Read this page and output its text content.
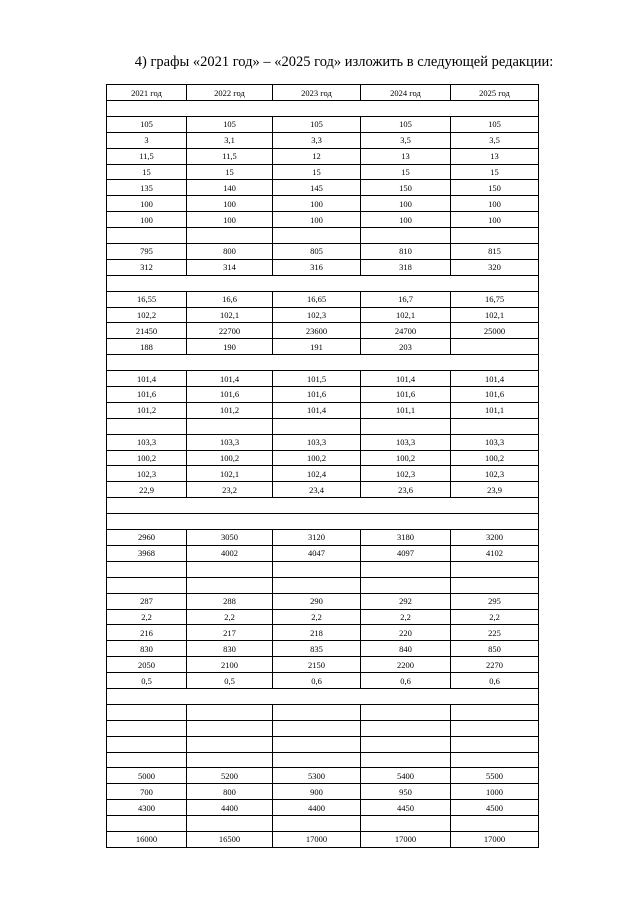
4) графы «2021 год» – «2025 год» изложить в следующей редакции:
2021 год	2022 год	2023 год	2024 год	2025 год

105	105	105	105	105
3	3,1	3,3	3,5	3,5
11,5	11,5	12	13	13
15	15	15	15	15
135	140	145	150	150
100	100	100	100	100
100	100	100	100	100

795	800	805	810	815
312	314	316	318	320

16,55	16,6	16,65	16,7	16,75
102,2	102,1	102,3	102,1	102,1
21450	22700	23600	24700	25000
188	190	191	203	

101,4	101,4	101,5	101,4	101,4
101,6	101,6	101,6	101,6	101,6
101,2	101,2	101,4	101,1	101,1

103,3	103,3	103,3	103,3	103,3
100,2	100,2	100,2	100,2	100,2
102,3	102,1	102,4	102,3	102,3
22,9	23,2	23,4	23,6	23,9

2960	3050	3120	3180	3200
3968	4002	4047	4097	4102

287	288	290	292	295
2,2	2,2	2,2	2,2	2,2
216	217	218	220	225
830	830	835	840	850
2050	2100	2150	2200	2270
0,5	0,5	0,6	0,6	0,6

5000	5200	5300	5400	5500
700	800	900	950	1000
4300	4400	4400	4450	4500

16000	16500	17000	17000	17000
